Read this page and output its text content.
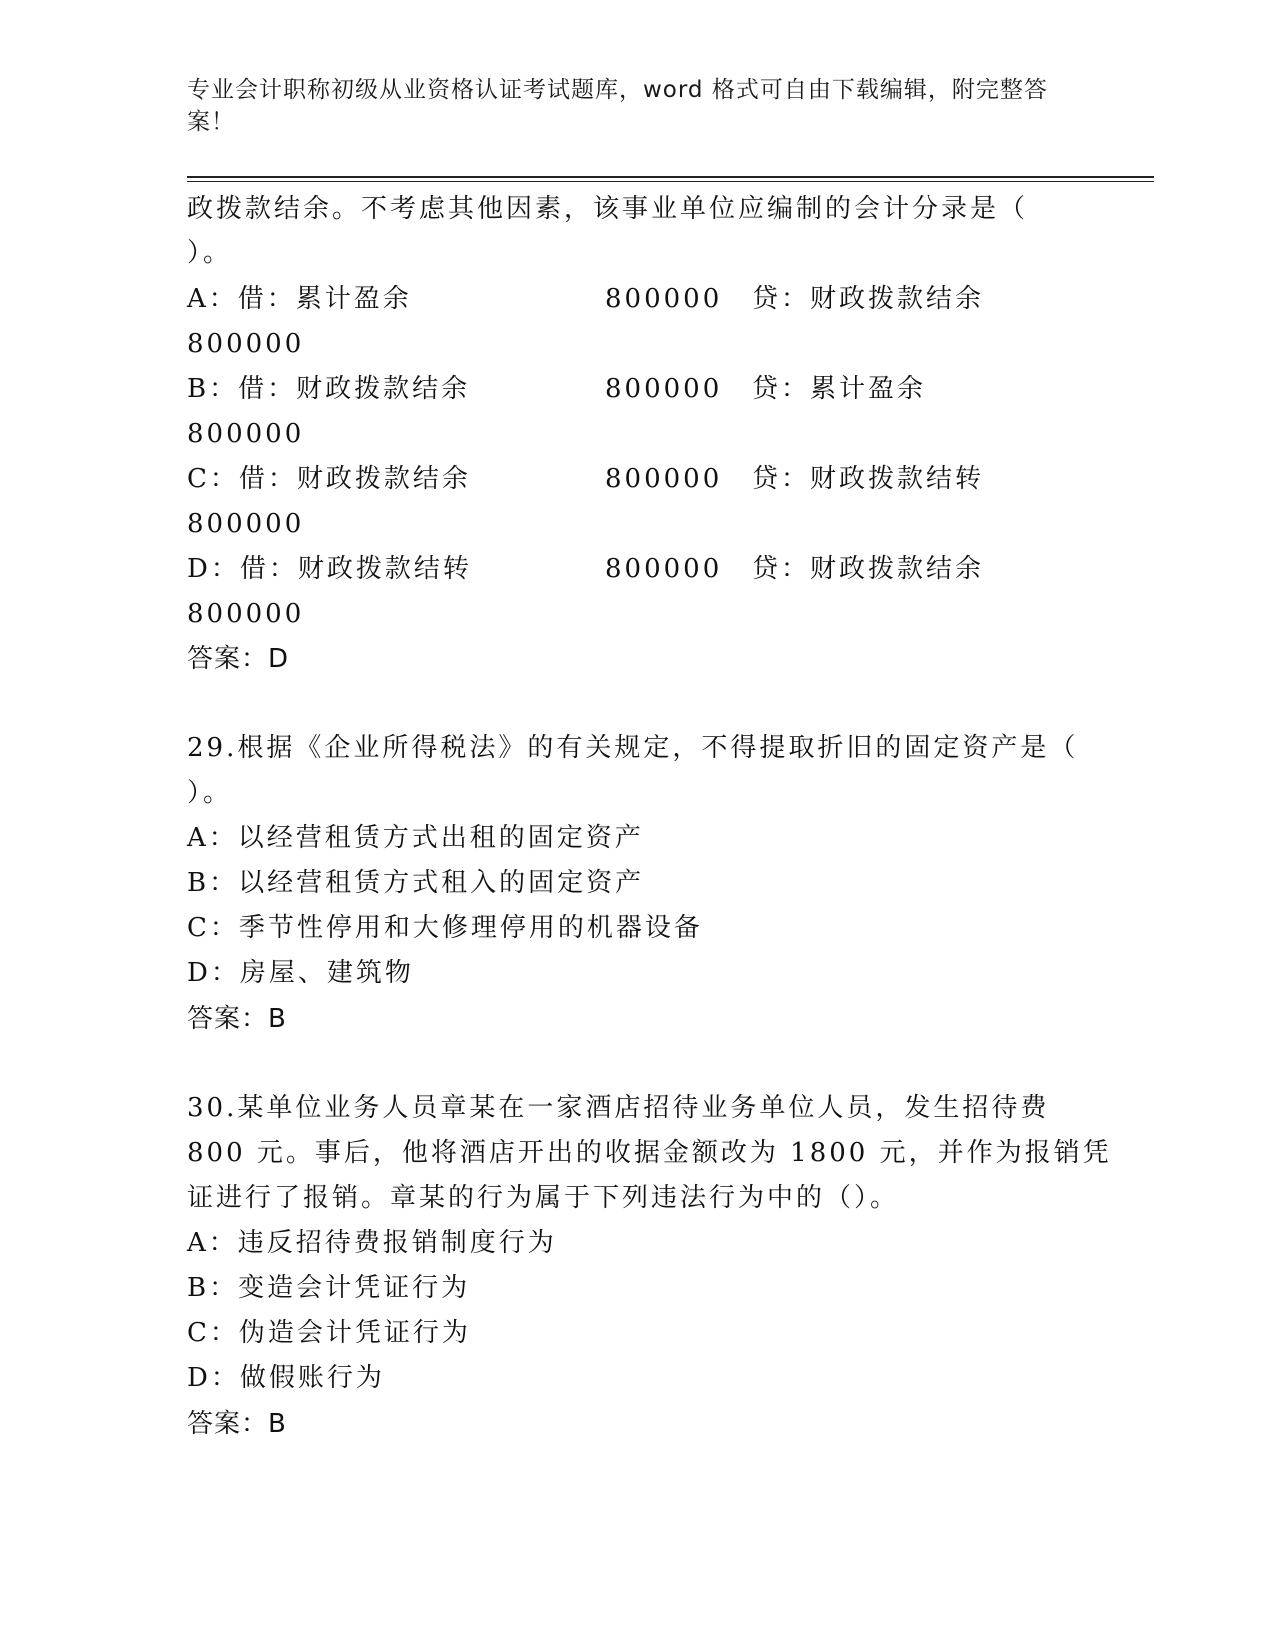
专业会计职称初级从业资格认证考试题库，word 格式可自由下载编辑，附完整答案！
政拨款结余。不考虑其他因素，该事业单位应编制的会计分录是（
）。
A：借：累计盈余	800000 贷：财政拨款结余
800000
B：借：财政拨款结余	800000 贷：累计盈余
800000
C：借：财政拨款结余	800000 贷：财政拨款结转
800000
D：借：财政拨款结转	800000 贷：财政拨款结余
800000
答案：D
29.根据《企业所得税法》的有关规定，不得提取折旧的固定资产是（
）。
A：以经营租赁方式出租的固定资产
B：以经营租赁方式租入的固定资产
C：季节性停用和大修理停用的机器设备
D：房屋、建筑物
答案：B
30.某单位业务人员章某在一家酒店招待业务单位人员，发生招待费
800 元。事后，他将酒店开出的收据金额改为 1800 元，并作为报销凭
证进行了报销。章某的行为属于下列违法行为中的（）。
A：违反招待费报销制度行为
B：变造会计凭证行为
C：伪造会计凭证行为
D：做假账行为
答案：B
